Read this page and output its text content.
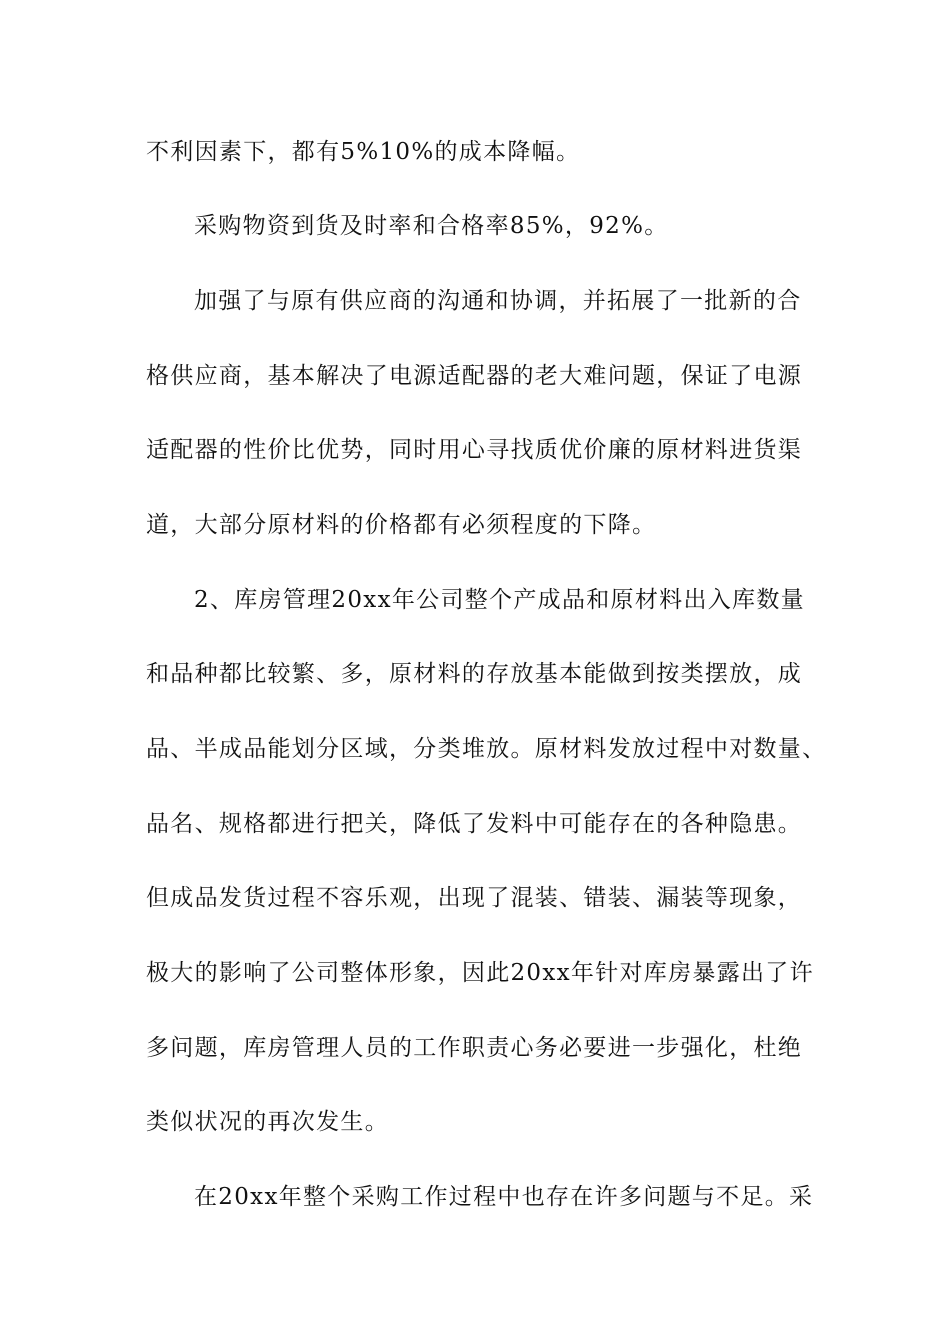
不利因素下，都有5%10%的成本降幅。
采购物资到货及时率和合格率85%，92%。
加强了与原有供应商的沟通和协调，并拓展了一批新的合
格供应商，基本解决了电源适配器的老大难问题，保证了电源
适配器的性价比优势，同时用心寻找质优价廉的原材料进货渠
道，大部分原材料的价格都有必须程度的下降。
2、库房管理20xx年公司整个产成品和原材料出入库数量
和品种都比较繁、多，原材料的存放基本能做到按类摆放，成
品、半成品能划分区域，分类堆放。原材料发放过程中对数量、
品名、规格都进行把关，降低了发料中可能存在的各种隐患。
但成品发货过程不容乐观，出现了混装、错装、漏装等现象，
极大的影响了公司整体形象，因此20xx年针对库房暴露出了许
多问题，库房管理人员的工作职责心务必要进一步强化，杜绝
类似状况的再次发生。
在20xx年整个采购工作过程中也存在许多问题与不足。采
